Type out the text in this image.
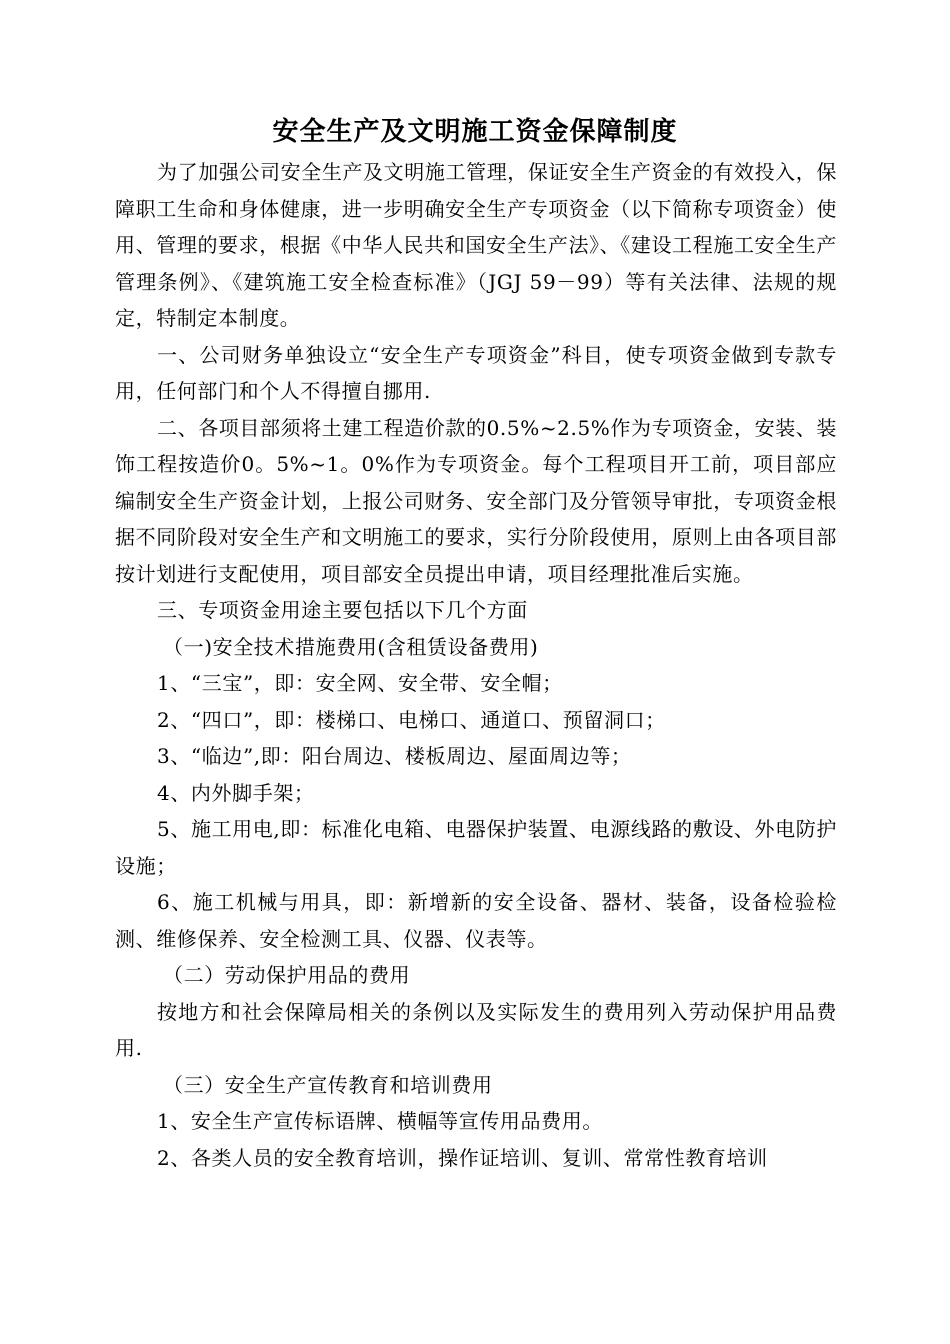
安全生产及文明施工资金保障制度

为了加强公司安全生产及文明施工管理，保证安全生产资金的有效投入，保障职工生命和身体健康，进一步明确安全生产专项资金（以下简称专项资金）使用、管理的要求，根据《中华人民共和国安全生产法》、《建设工程施工安全生产管理条例》、《建筑施工安全检查标准》（JGJ 59－99）等有关法律、法规的规定，特制定本制度。

一、公司财务单独设立“安全生产专项资金”科目，使专项资金做到专款专用，任何部门和个人不得擅自挪用.

二、各项目部须将土建工程造价款的0.5%~2.5%作为专项资金，安装、装饰工程按造价0。5%~1。0%作为专项资金。每个工程项目开工前，项目部应编制安全生产资金计划，上报公司财务、安全部门及分管领导审批，专项资金根据不同阶段对安全生产和文明施工的要求，实行分阶段使用，原则上由各项目部按计划进行支配使用，项目部安全员提出申请，项目经理批准后实施。

三、专项资金用途主要包括以下几个方面

（一)安全技术措施费用(含租赁设备费用)

1、“三宝”，即：安全网、安全带、安全帽；

2、“四口”，即：楼梯口、电梯口、通道口、预留洞口；

3、“临边”,即：阳台周边、楼板周边、屋面周边等；

4、内外脚手架；

5、施工用电,即：标准化电箱、电器保护装置、电源线路的敷设、外电防护设施；

6、施工机械与用具，即：新增新的安全设备、器材、装备，设备检验检测、维修保养、安全检测工具、仪器、仪表等。

（二）劳动保护用品的费用

按地方和社会保障局相关的条例以及实际发生的费用列入劳动保护用品费用.

（三）安全生产宣传教育和培训费用

1、安全生产宣传标语牌、横幅等宣传用品费用。

2、各类人员的安全教育培训，操作证培训、复训、常常性教育培训
